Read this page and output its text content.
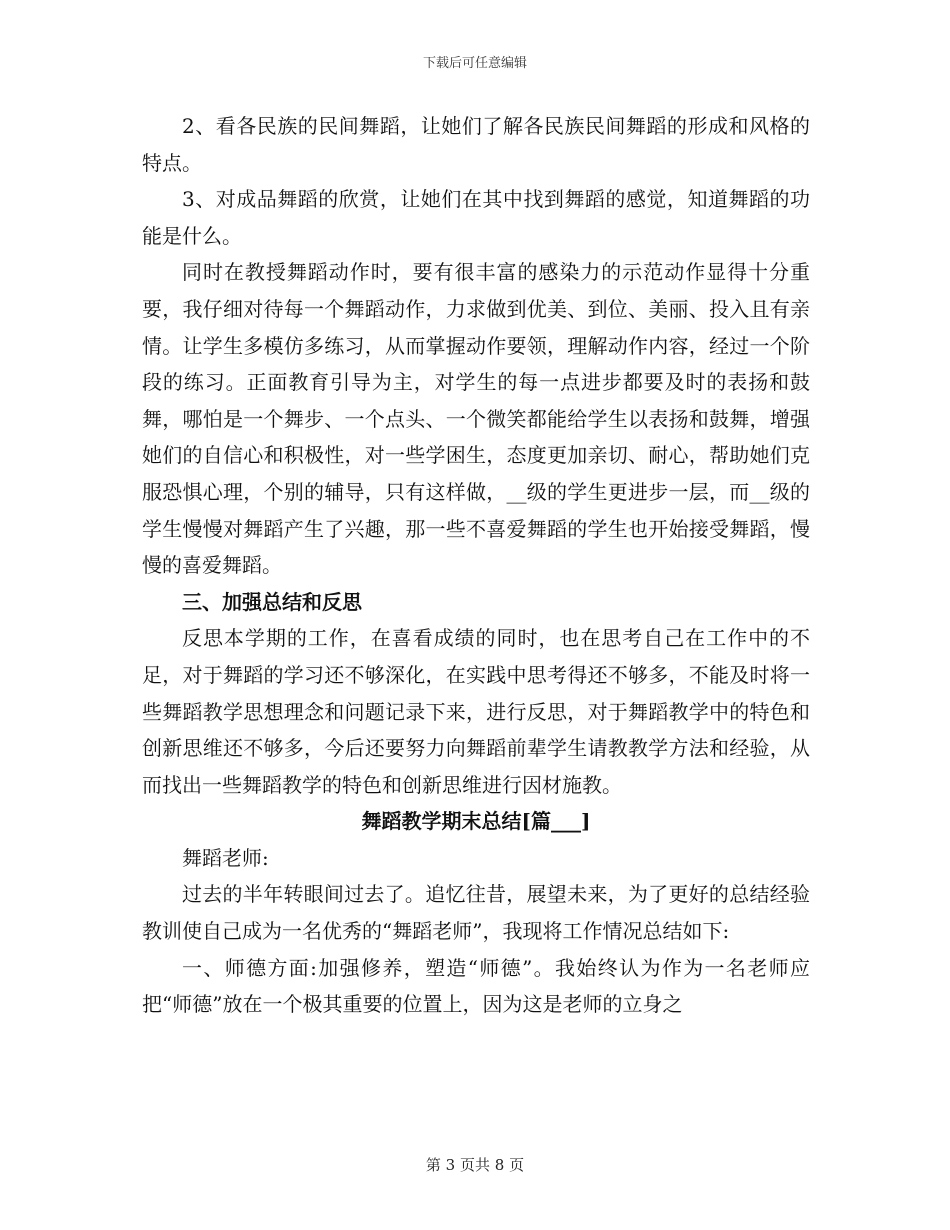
下载后可任意编辑

2、看各民族的民间舞蹈，让她们了解各民族民间舞蹈的形成和风格的特点。

3、对成品舞蹈的欣赏，让她们在其中找到舞蹈的感觉，知道舞蹈的功能是什么。

同时在教授舞蹈动作时，要有很丰富的感染力的示范动作显得十分重要，我仔细对待每一个舞蹈动作，力求做到优美、到位、美丽、投入且有亲情。让学生多模仿多练习，从而掌握动作要领，理解动作内容，经过一个阶段的练习。正面教育引导为主，对学生的每一点进步都要及时的表扬和鼓舞，哪怕是一个舞步、一个点头、一个微笑都能给学生以表扬和鼓舞，增强她们的自信心和积极性，对一些学困生，态度更加亲切、耐心，帮助她们克服恐惧心理，个别的辅导，只有这样做，__级的学生更进步一层，而__级的学生慢慢对舞蹈产生了兴趣，那一些不喜爱舞蹈的学生也开始接受舞蹈，慢慢的喜爱舞蹈。

三、加强总结和反思

反思本学期的工作，在喜看成绩的同时，也在思考自己在工作中的不足，对于舞蹈的学习还不够深化，在实践中思考得还不够多，不能及时将一些舞蹈教学思想理念和问题记录下来，进行反思，对于舞蹈教学中的特色和创新思维还不够多，今后还要努力向舞蹈前辈学生请教教学方法和经验，从而找出一些舞蹈教学的特色和创新思维进行因材施教。

舞蹈教学期末总结[篇___]

舞蹈老师:

过去的半年转眼间过去了。追忆往昔，展望未来，为了更好的总结经验教训使自己成为一名优秀的“舞蹈老师”，我现将工作情况总结如下:

一、师德方面:加强修养，塑造“师德”。我始终认为作为一名老师应把“师德”放在一个极其重要的位置上，因为这是老师的立身之

第 3 页共 8 页
